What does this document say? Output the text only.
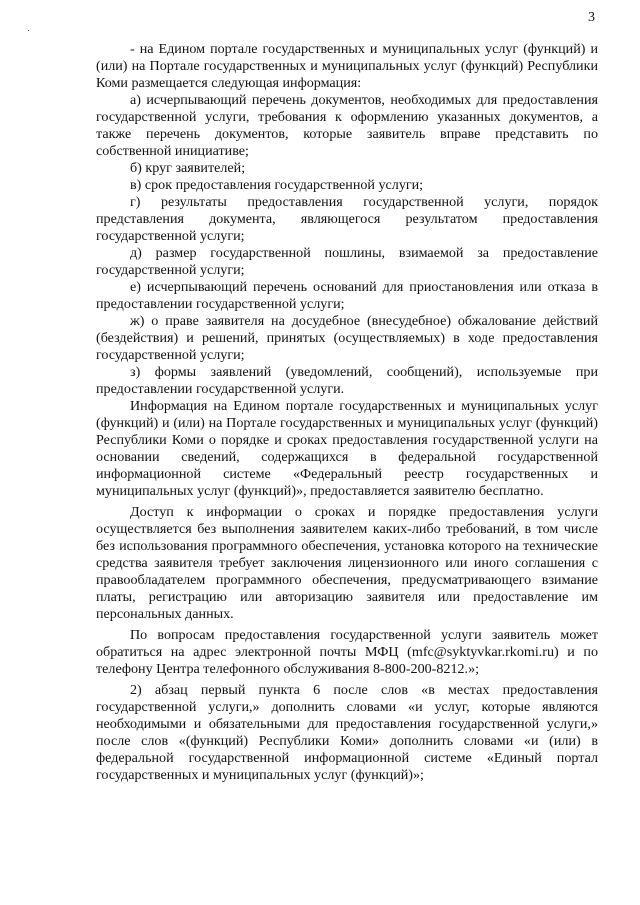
3

- на Едином портале государственных и муниципальных услуг (функций) и (или) на Портале государственных и муниципальных услуг (функций) Республики Коми размещается следующая информация:

а) исчерпывающий перечень документов, необходимых для предоставления государственной услуги, требования к оформлению указанных документов, а также перечень документов, которые заявитель вправе представить по собственной инициативе;

б) круг заявителей;

в) срок предоставления государственной услуги;

г) результаты предоставления государственной услуги, порядок представления документа, являющегося результатом предоставления государственной услуги;

д) размер государственной пошлины, взимаемой за предоставление государственной услуги;

е) исчерпывающий перечень оснований для приостановления или отказа в предоставлении государственной услуги;

ж) о праве заявителя на досудебное (внесудебное) обжалование действий (бездействия) и решений, принятых (осуществляемых) в ходе предоставления государственной услуги;

з) формы заявлений (уведомлений, сообщений), используемые при предоставлении государственной услуги.

Информация на Едином портале государственных и муниципальных услуг (функций) и (или) на Портале государственных и муниципальных услуг (функций) Республики Коми о порядке и сроках предоставления государственной услуги на основании сведений, содержащихся в федеральной государственной информационной системе «Федеральный реестр государственных и муниципальных услуг (функций)», предоставляется заявителю бесплатно.

Доступ к информации о сроках и порядке предоставления услуги осуществляется без выполнения заявителем каких-либо требований, в том числе без использования программного обеспечения, установка которого на технические средства заявителя требует заключения лицензионного или иного соглашения с правообладателем программного обеспечения, предусматривающего взимание платы, регистрацию или авторизацию заявителя или предоставление им персональных данных.

По вопросам предоставления государственной услуги заявитель может обратиться на адрес электронной почты МФЦ (mfc@syktyvkar.rkomi.ru) и по телефону Центра телефонного обслуживания 8-800-200-8212.»;

2) абзац первый пункта 6 после слов «в местах предоставления государственной услуги,» дополнить словами «и услуг, которые являются необходимыми и обязательными для предоставления государственной услуги,» после слов «(функций) Республики Коми» дополнить словами «и (или) в федеральной государственной информационной системе «Единый портал государственных и муниципальных услуг (функций)»;
